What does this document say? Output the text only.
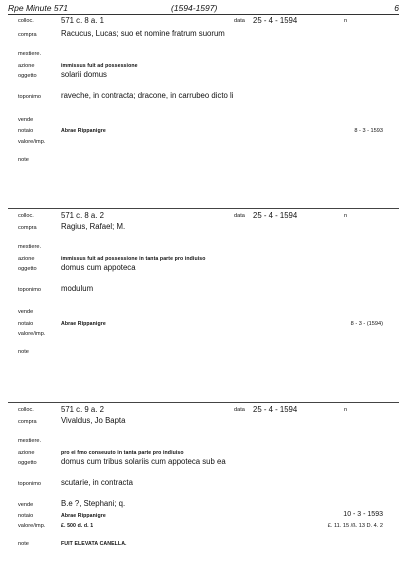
Rpe Minute 571	(1594-1597)	6
colloc.	571 c. 8 a. 1	data 25 - 4 - 1594	n
compra	Racucus, Lucas; suo et nomine fratrum suorum
mestiere.
azione	immissus fuit ad possessione
oggetto	solarii domus
toponimo	raveche, in contracta; dracone, in carrubeo dicto li
vende
notaio	Abrae Rippanigre	8 - 3 - 1593
valore/imp.
note
colloc.	571 c. 8 a. 2	data 25 - 4 - 1594	n
compra	Ragius, Rafael; M.
mestiere.
azione	immissus fuit ad possessione in tanta parte pro indiuiso
oggetto	domus cum appoteca
toponimo	modulum
vende
notaio	Abrae Rippanigre	8 - 3 - (1594)
valore/imp.
note
colloc.	571 c. 9 a. 2	data 25 - 4 - 1594	n
compra	Vivaldus, Jo Bapta
mestiere.
azione	pro ei fmo conseuuto in tanta parte pro indiuiso
oggetto	domus cum tribus solariis cum appoteca sub ea
toponimo	scutarie, in contracta
vende	B.e ?, Stephani; q.
notaio	Abrae Rippanigre	10 - 3 - 1593
valore/imp.	£. 500 d. d. 1	£. 11. 15 /ß. 13 D. 4. 2
note	FUIT ELEVATA CANELLA.
